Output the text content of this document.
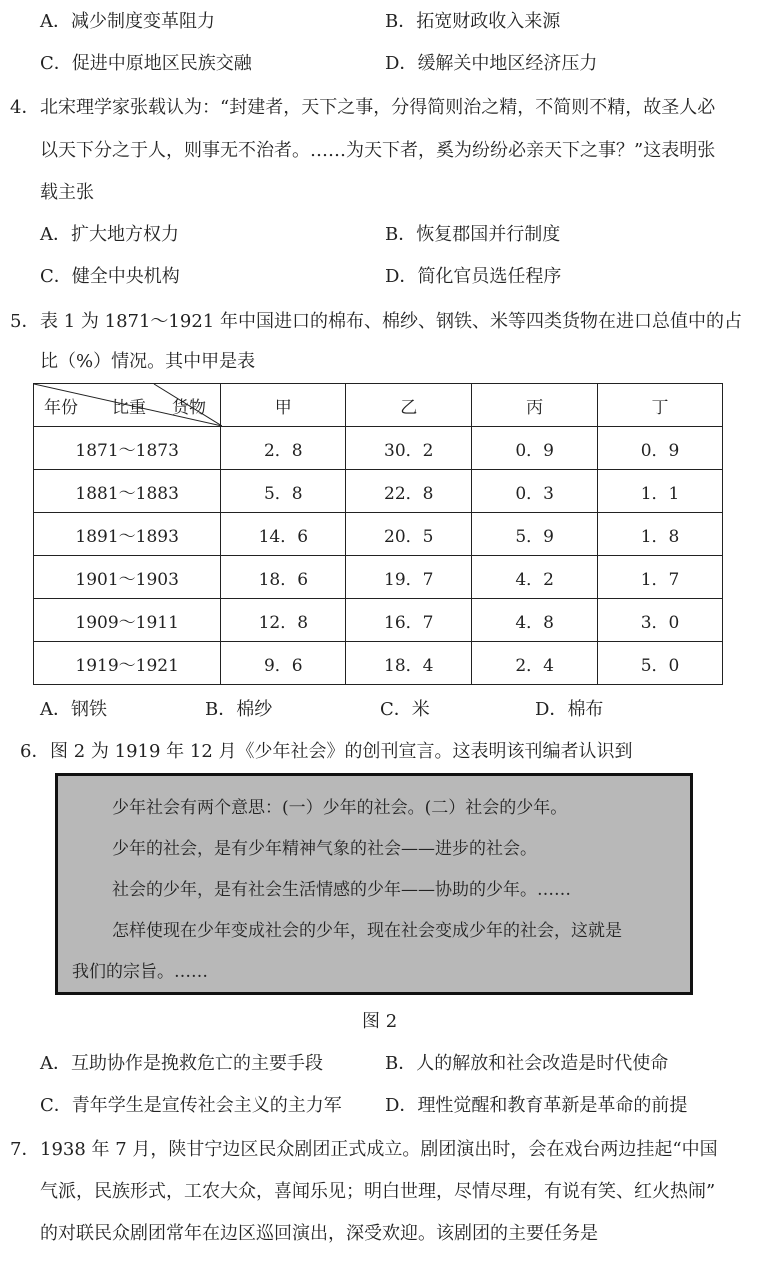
A．减少制度变革阻力	B．拓宽财政收入来源
C．促进中原地区民族交融	D．缓解关中地区经济压力
4． 北宋理学家张载认为：“封建者，天下之事，分得简则治之精，不简则不精，故圣人必
以天下分之于人，则事无不治者。……为天下者，奚为纷纷必亲天下之事？”这表明张
载主张
A．扩大地方权力	B．恢复郡国并行制度
C．健全中央机构	D．简化官员选任程序
5． 表 1 为 1871～1921 年中国进口的棉布、棉纱、钢铁、米等四类货物在进口总值中的占
比（%）情况。其中甲是表
年份 比重 货物	甲	乙	丙	丁
1871～1873	2．8	30．2	0．9	0．9
1881～1883	5．8	22．8	0．3	1．1
1891～1893	14．6	20．5	5．9	1．8
1901～1903	18．6	19．7	4．2	1．7
1909～1911	12．8	16．7	4．8	3．0
1919～1921	9．6	18．4	2．4	5．0
A．钢铁	B．棉纱	C．米	D．棉布
6． 图 2 为 1919 年 12 月《少年社会》的创刊宣言。这表明该刊编者认识到
少年社会有两个意思：(一）少年的社会。(二）社会的少年。
少年的社会，是有少年精神气象的社会——进步的社会。
社会的少年，是有社会生活情感的少年——协助的少年。……
怎样使现在少年变成社会的少年，现在社会变成少年的社会，这就是
我们的宗旨。……
图 2
A．互助协作是挽救危亡的主要手段	B．人的解放和社会改造是时代使命
C．青年学生是宣传社会主义的主力军 D．理性觉醒和教育革新是革命的前提
7． 1938 年 7 月，陕甘宁边区民众剧团正式成立。剧团演出时，会在戏台两边挂起“中国
气派，民族形式，工农大众，喜闻乐见；明白世理，尽情尽理，有说有笑、红火热闹”
的对联民众剧团常年在边区巡回演出，深受欢迎。该剧团的主要任务是
